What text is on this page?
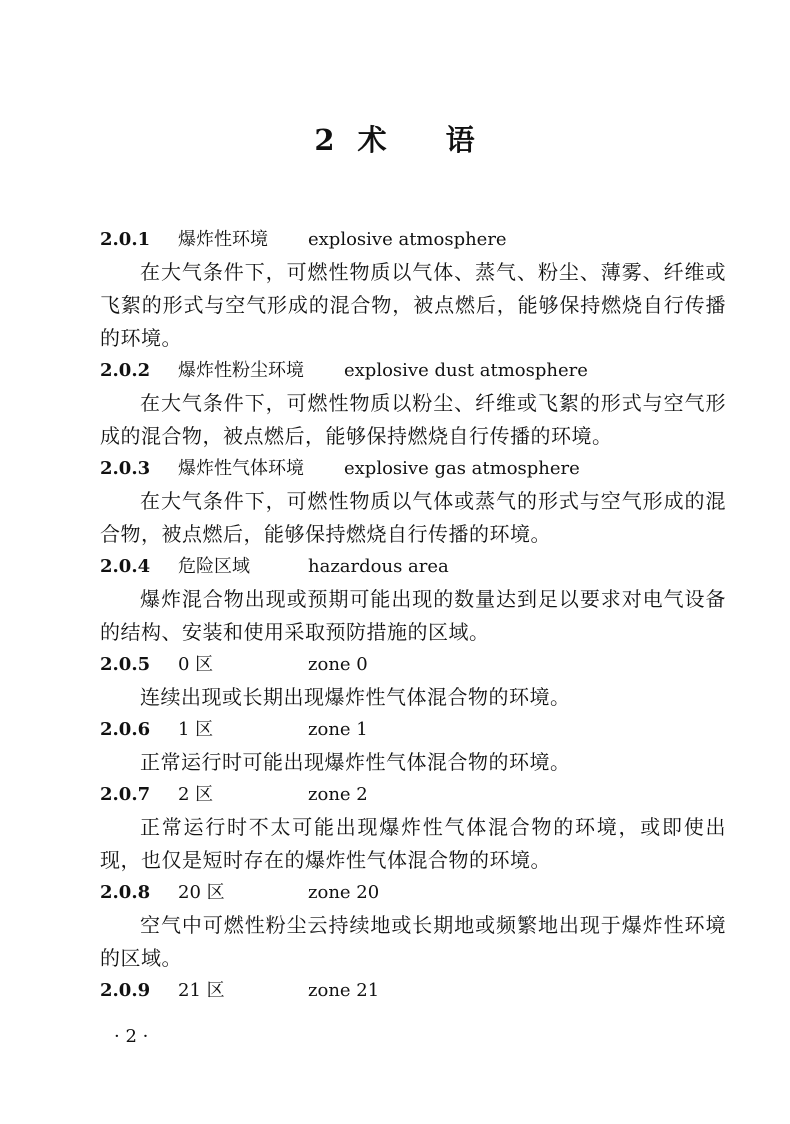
2 术 语
2.0.1 爆炸性环境 explosive atmosphere

在大气条件下，可燃性物质以气体、蒸气、粉尘、薄雾、纤维或飞絮的形式与空气形成的混合物，被点燃后，能够保持燃烧自行传播的环境。

2.0.2 爆炸性粉尘环境 explosive dust atmosphere

在大气条件下，可燃性物质以粉尘、纤维或飞絮的形式与空气形成的混合物，被点燃后，能够保持燃烧自行传播的环境。

2.0.3 爆炸性气体环境 explosive gas atmosphere

在大气条件下，可燃性物质以气体或蒸气的形式与空气形成的混合物，被点燃后，能够保持燃烧自行传播的环境。

2.0.4 危险区域	hazardous area

爆炸混合物出现或预期可能出现的数量达到足以要求对电气设备的结构、安装和使用采取预防措施的区域。

2.0.5 0 区	zone 0

连续出现或长期出现爆炸性气体混合物的环境。

2.0.6 1 区	zone 1

正常运行时可能出现爆炸性气体混合物的环境。

2.0.7 2 区	zone 2

正常运行时不太可能出现爆炸性气体混合物的环境，或即使出现，也仅是短时存在的爆炸性气体混合物的环境。

2.0.8 20 区	zone 20

空气中可燃性粉尘云持续地或长期地或频繁地出现于爆炸性环境的区域。

2.0.9 21 区	zone 21
· 2 ·
